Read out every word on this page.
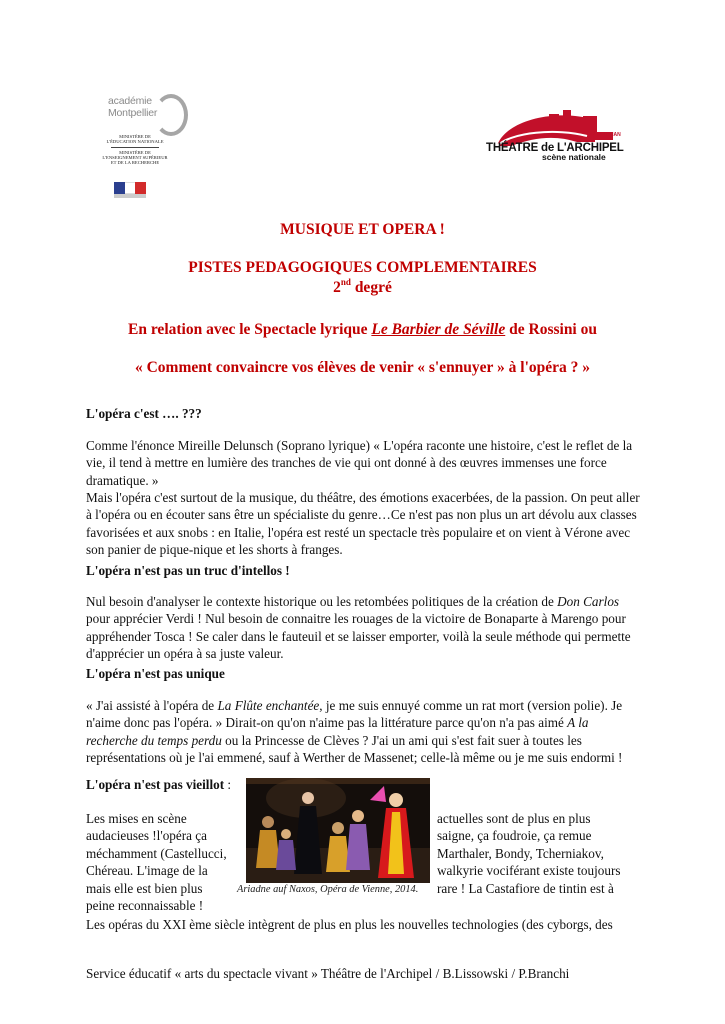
académie
Montpellier
MINISTÈRE DE
L'ÉDUCATION NATIONALE
MINISTÈRE DE
L'ENSEIGNEMENT SUPÉRIEUR
ET DE LA RECHERCHE
PERPIGNAN
THÉATRE de L'ARCHIPEL
scène nationale
MUSIQUE ET OPERA !
PISTES PEDAGOGIQUES COMPLEMENTAIRES
2nd degré
En relation avec le Spectacle lyrique Le Barbier de Séville de Rossini ou
« Comment convaincre vos élèves de venir « s'ennuyer » à l'opéra ? »
L'opéra c'est …. ???
Comme l'énonce Mireille Delunsch (Soprano lyrique) « L'opéra raconte une histoire, c'est le reflet de la vie, il tend à mettre en lumière des tranches de vie qui ont donné à des œuvres immenses une force dramatique. »
Mais l'opéra c'est surtout de la musique, du théâtre, des émotions exacerbées, de la passion. On peut aller à l'opéra ou en écouter sans être un spécialiste du genre…Ce n'est pas non plus un art dévolu aux classes favorisées et aux snobs : en Italie, l'opéra est resté un spectacle très populaire et on vient à Vérone avec son panier de pique-nique et les shorts à franges.
L'opéra n'est pas un truc d'intellos !
Nul besoin d'analyser le contexte historique ou les retombées politiques de la création de Don Carlos pour apprécier Verdi ! Nul besoin de connaitre les rouages de la victoire de Bonaparte à Marengo pour appréhender Tosca ! Se caler dans le fauteuil et se laisser emporter, voilà la seule méthode qui permette d'apprécier un opéra à sa juste valeur.
L'opéra n'est pas unique
« J'ai assisté à l'opéra de La Flûte enchantée, je me suis ennuyé comme un rat mort (version polie). Je n'aime donc pas l'opéra. » Dirait-on qu'on n'aime pas la littérature parce qu'on n'a pas aimé A la recherche du temps perdu ou la Princesse de Clèves ? J'ai un ami qui s'est fait suer à toutes les représentations où je l'ai emmené, sauf à Werther de Massenet; celle-là même ou je me suis endormi !
L'opéra n'est pas vieillot :
Les mises en scène
audacieuses !l'opéra ça
méchamment (Castellucci,
Chéreau. L'image de la
mais elle est bien plus
peine reconnaissable !
Ariadne auf Naxos, Opéra de Vienne, 2014.
actuelles sont de plus en plus
saigne, ça foudroie, ça remue
Marthaler, Bondy, Tcherniakov,
walkyrie vociférant existe toujours
rare ! La Castafiore de tintin est à
Les opéras du XXI ème siècle intègrent de plus en plus les nouvelles technologies (des cyborgs, des
Service éducatif « arts du spectacle vivant » Théâtre de l'Archipel / B.Lissowski / P.Branchi
